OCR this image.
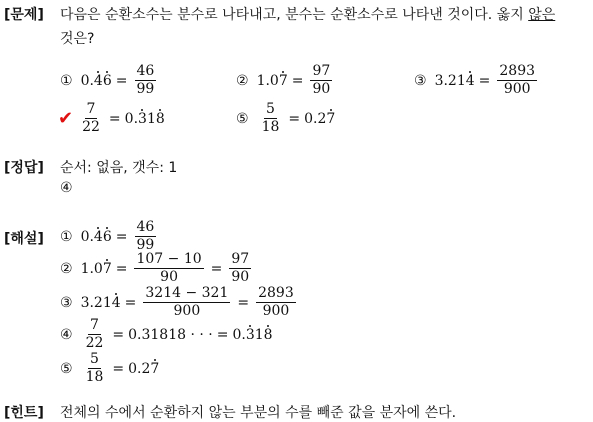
[문제] 다음은 순환소수는 분수로 나타내고, 분수는 순환소수로 나타낸 것이다. 옳지 않은
것은?
① $0.46 = \frac{46}{99}$	② $1.07 = \frac{97}{90}$	③ $3.214 = \frac{2893}{900}$
✔ $\frac{7}{22} = 0.318$	⑤ $\frac{5}{18} = 0.27$
[정답] 순서: 없음, 갯수: 1
④
[해설] ① $0.46 = \frac{46}{99}$
② $1.07 = \frac{107 - 10}{90} = \frac{97}{90}$
③ $3.214 = \frac{3214 - 321}{900} = \frac{2893}{900}$
④ $\frac{7}{22} = 0.31818$ · · · = 0.318
⑤ $\frac{5}{18} = 0.27$
[힌트] 전체의 수에서 순환하지 않는 부분의 수를 빼준 값을 분자에 쓴다.
